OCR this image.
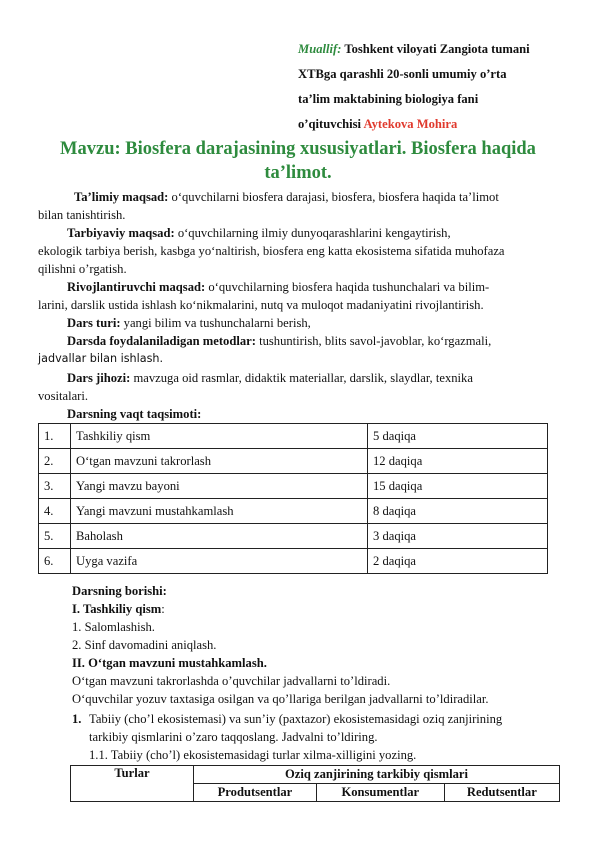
Muallif: Toshkent viloyati Zangiota tumani
XTBga qarashli 20-sonli umumiy o’rta
ta’lim maktabining biologiya fani
o’qituvchisi Aytekova Mohira
Mavzu: Biosfera darajasining xususiyatlari. Biosfera haqida
ta’limot.
Ta’limiy maqsad: o‘quvchilarni biosfera darajasi, biosfera, biosfera haqida ta’limot
bilan tanishtirish.
Tarbiyaviy maqsad: o‘quvchilarning ilmiy dunyoqarashlarini kengaytirish,
ekologik tarbiya berish, kasbga yo‘naltirish, biosfera eng katta ekosistema sifatida muhofaza
qilishni o’rgatish.
Rivojlantiruvchi maqsad: o‘quvchilarning biosfera haqida tushunchalari va bilim-
larini, darslik ustida ishlash ko‘nikmalarini, nutq va muloqot madaniyatini rivojlantirish.
Dars turi: yangi bilim va tushunchalarni berish,
Darsda foydalaniladigan metodlar: tushuntirish, blits savol-javoblar, ko‘rgazmali,
jadvallar bilan ishlash.
Dars jihozi: mavzuga oid rasmlar, didaktik materiallar, darslik, slaydlar, texnika
vositalari.
Darsning vaqt taqsimoti:
1.	Tashkiliy qism	5 daqiqa
2.	O‘tgan mavzuni takrorlash	12 daqiqa
3.	Yangi mavzu bayoni	15 daqiqa
4.	Yangi mavzuni mustahkamlash	8 daqiqa
5.	Baholash	3 daqiqa
6.	Uyga vazifa	2 daqiqa
Darsning borishi:
I. Tashkiliy qism:
1. Salomlashish.
2. Sinf davomadini aniqlash.
II. O‘tgan mavzuni mustahkamlash.
O‘tgan mavzuni takrorlashda o’quvchilar jadvallarni to’ldiradi.
O‘quvchilar yozuv taxtasiga osilgan va qo’llariga berilgan jadvallarni to’ldiradilar.
1. Tabiiy (cho’l ekosistemasi) va sun’iy (paxtazor) ekosistemasidagi oziq zanjirining
tarkibiy qismlarini o’zaro taqqoslang. Jadvalni to’ldiring.
1.1. Tabiiy (cho’l) ekosistemasidagi turlar xilma-xilligini yozing.
Turlar	Oziq zanjirining tarkibiy qismlari		
	Produtsentlar	Konsumentlar	Redutsentlar
